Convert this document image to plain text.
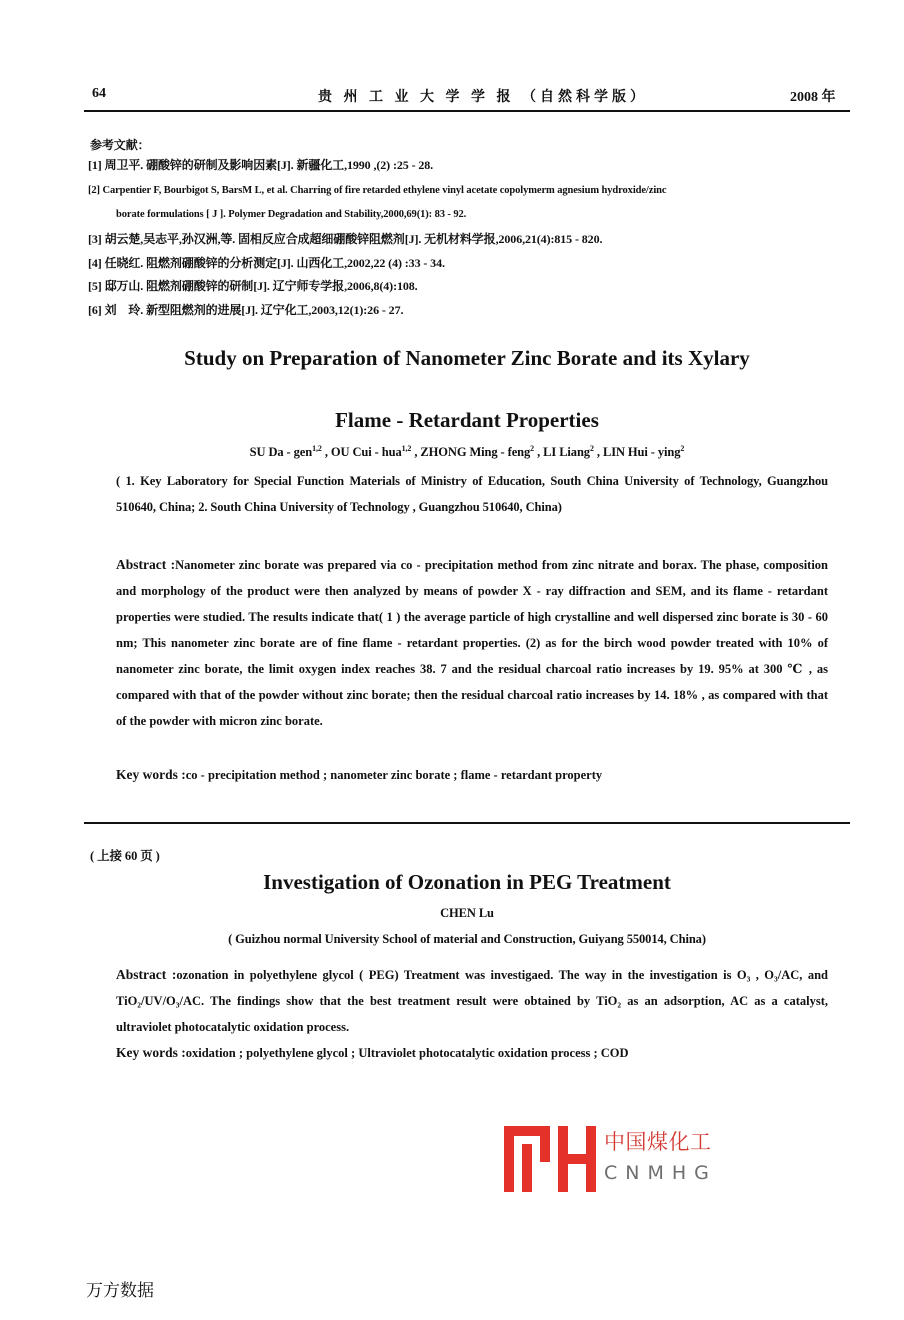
64	贵 州 工 业 大 学 学 报 （自然科学版）	2008 年
参考文献：
[1] 周卫平. 硼酸锌的研制及影响因素[J]. 新疆化工,1990 ,(2) :25 - 28.
[2] Carpentier F, Bourbigot S, BarsM L, et al. Charring of fire retarded ethylene vinyl acetate copolymerm agnesium hydroxide/zinc
borate formulations [ J ]. Polymer Degradation and Stability,2000,69(1): 83 - 92.
[3] 胡云楚,吴志平,孙汉洲,等. 固相反应合成超细硼酸锌阻燃剂[J]. 无机材料学报,2006,21(4):815 - 820.
[4] 任晓红. 阻燃剂硼酸锌的分析测定[J]. 山西化工,2002,22 (4) :33 - 34.
[5] 邸万山. 阻燃剂硼酸锌的研制[J]. 辽宁师专学报,2006,8(4):108.
[6] 刘　玲. 新型阻燃剂的进展[J]. 辽宁化工,2003,12(1):26 - 27.
Study on Preparation of Nanometer Zinc Borate and its Xylary
Flame - Retardant Properties
SU Da - gen$^{1,2}$ , OU Cui - hua$^{1,2}$ , ZHONG Ming - feng$^2$ , LI Liang$^2$ , LIN Hui - ying$^2$
( 1. Key Laboratory for Special Function Materials of Ministry of Education, South China University of Technology, Guangzhou 510640, China; 2. South China University of Technology , Guangzhou 510640, China)
Abstract :Nanometer zinc borate was prepared via co - precipitation method from zinc nitrate and borax. The phase, composition and morphology of the product were then analyzed by means of powder X - ray diffraction and SEM, and its flame - retardant properties were studied. The results indicate that( 1 ) the average particle of high crystalline and well dispersed zinc borate is 30 - 60 nm; This nanometer zinc borate are of fine flame - retardant properties. (2) as for the birch wood powder treated with 10% of nanometer zinc borate, the limit oxygen index reaches 38. 7 and the residual charcoal ratio increases by 19. 95% at 300 ℃ , as compared with that of the powder without zinc borate; then the residual charcoal ratio increases by 14. 18% , as compared with that of the powder with micron zinc borate.
Key words :co - precipitation method ; nanometer zinc borate ; flame - retardant property
( 上接 60 页 )
Investigation of Ozonation in PEG Treatment
CHEN Lu
( Guizhou normal University School of material and Construction, Guiyang 550014, China)
Abstract :ozonation in polyethylene glycol ( PEG) Treatment was investigaed. The way in the investigation is O₃ , O₃/AC, and TiO₂/UV/O₃/AC. The findings show that the best treatment result were obtained by TiO₂ as an adsorption, AC as a catalyst, ultraviolet photocatalytic oxidation process.
Key words :oxidation ; polyethylene glycol ; Ultraviolet photocatalytic oxidation process ; COD
中国煤化工
CNMHG
万方数据
